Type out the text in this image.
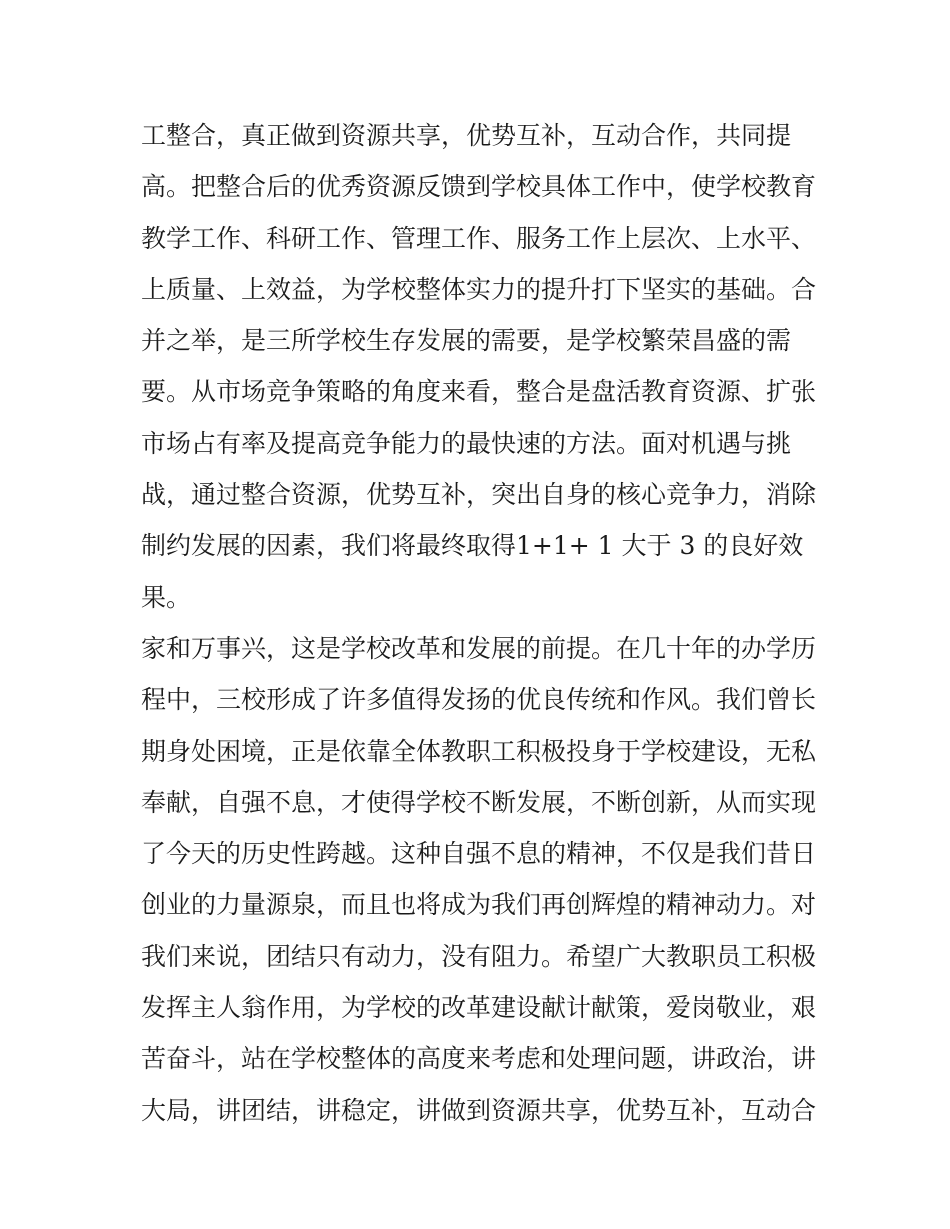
工整合，真正做到资源共享，优势互补，互动合作，共同提
高。把整合后的优秀资源反馈到学校具体工作中，使学校教育
教学工作、科研工作、管理工作、服务工作上层次、上水平、
上质量、上效益，为学校整体实力的提升打下坚实的基础。合
并之举，是三所学校生存发展的需要，是学校繁荣昌盛的需
要。从市场竞争策略的角度来看，整合是盘活教育资源、扩张
市场占有率及提高竞争能力的最快速的方法。面对机遇与挑
战，通过整合资源，优势互补，突出自身的核心竞争力，消除
制约发展的因素，我们将最终取得1+1+ 1 大于 3 的良好效
果。
家和万事兴，这是学校改革和发展的前提。在几十年的办学历
程中，三校形成了许多值得发扬的优良传统和作风。我们曾长
期身处困境，正是依靠全体教职工积极投身于学校建设，无私
奉献，自强不息，才使得学校不断发展，不断创新，从而实现
了今天的历史性跨越。这种自强不息的精神，不仅是我们昔日
创业的力量源泉，而且也将成为我们再创辉煌的精神动力。对
我们来说，团结只有动力，没有阻力。希望广大教职员工积极
发挥主人翁作用，为学校的改革建设献计献策，爱岗敬业，艰
苦奋斗，站在学校整体的高度来考虑和处理问题，讲政治，讲
大局，讲团结，讲稳定，讲做到资源共享，优势互补，互动合
